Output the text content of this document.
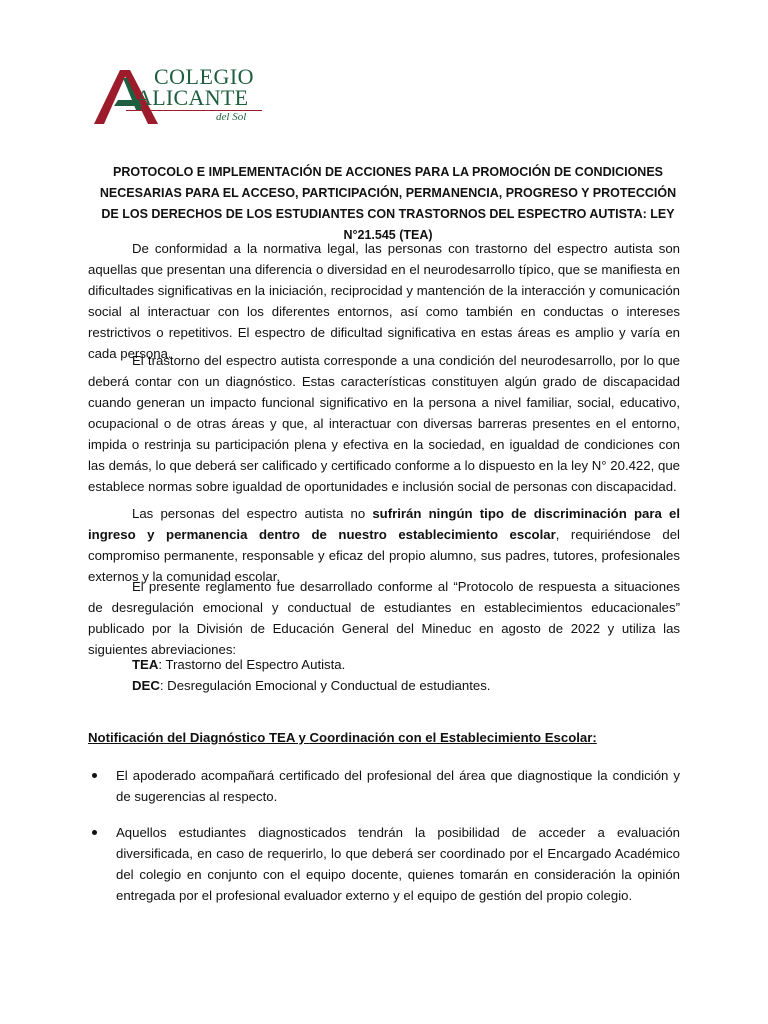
COLEGIO
ALICANTE
del Sol
PROTOCOLO E IMPLEMENTACIÓN DE ACCIONES PARA LA PROMOCIÓN DE CONDICIONES NECESARIAS PARA EL ACCESO, PARTICIPACIÓN, PERMANENCIA, PROGRESO Y PROTECCIÓN DE LOS DERECHOS DE LOS ESTUDIANTES CON TRASTORNOS DEL ESPECTRO AUTISTA: LEY N°21.545 (TEA)
De conformidad a la normativa legal, las personas con trastorno del espectro autista son aquellas que presentan una diferencia o diversidad en el neurodesarrollo típico, que se manifiesta en dificultades significativas en la iniciación, reciprocidad y mantención de la interacción y comunicación social al interactuar con los diferentes entornos, así como también en conductas o intereses restrictivos o repetitivos. El espectro de dificultad significativa en estas áreas es amplio y varía en cada persona.
El trastorno del espectro autista corresponde a una condición del neurodesarrollo, por lo que deberá contar con un diagnóstico. Estas características constituyen algún grado de discapacidad cuando generan un impacto funcional significativo en la persona a nivel familiar, social, educativo, ocupacional o de otras áreas y que, al interactuar con diversas barreras presentes en el entorno, impida o restrinja su participación plena y efectiva en la sociedad, en igualdad de condiciones con las demás, lo que deberá ser calificado y certificado conforme a lo dispuesto en la ley N° 20.422, que establece normas sobre igualdad de oportunidades e inclusión social de personas con discapacidad.
Las personas del espectro autista no sufrirán ningún tipo de discriminación para el ingreso y permanencia dentro de nuestro establecimiento escolar, requiriéndose del compromiso permanente, responsable y eficaz del propio alumno, sus padres, tutores, profesionales externos y la comunidad escolar.
El presente reglamento fue desarrollado conforme al “Protocolo de respuesta a situaciones de desregulación emocional y conductual de estudiantes en establecimientos educacionales” publicado por la División de Educación General del Mineduc en agosto de 2022 y utiliza las siguientes abreviaciones:
TEA: Trastorno del Espectro Autista.
DEC: Desregulación Emocional y Conductual de estudiantes.
Notificación del Diagnóstico TEA y Coordinación con el Establecimiento Escolar:
El apoderado acompañará certificado del profesional del área que diagnostique la condición y de sugerencias al respecto.
Aquellos estudiantes diagnosticados tendrán la posibilidad de acceder a evaluación diversificada, en caso de requerirlo, lo que deberá ser coordinado por el Encargado Académico del colegio en conjunto con el equipo docente, quienes tomarán en consideración la opinión entregada por el profesional evaluador externo y el equipo de gestión del propio colegio.
